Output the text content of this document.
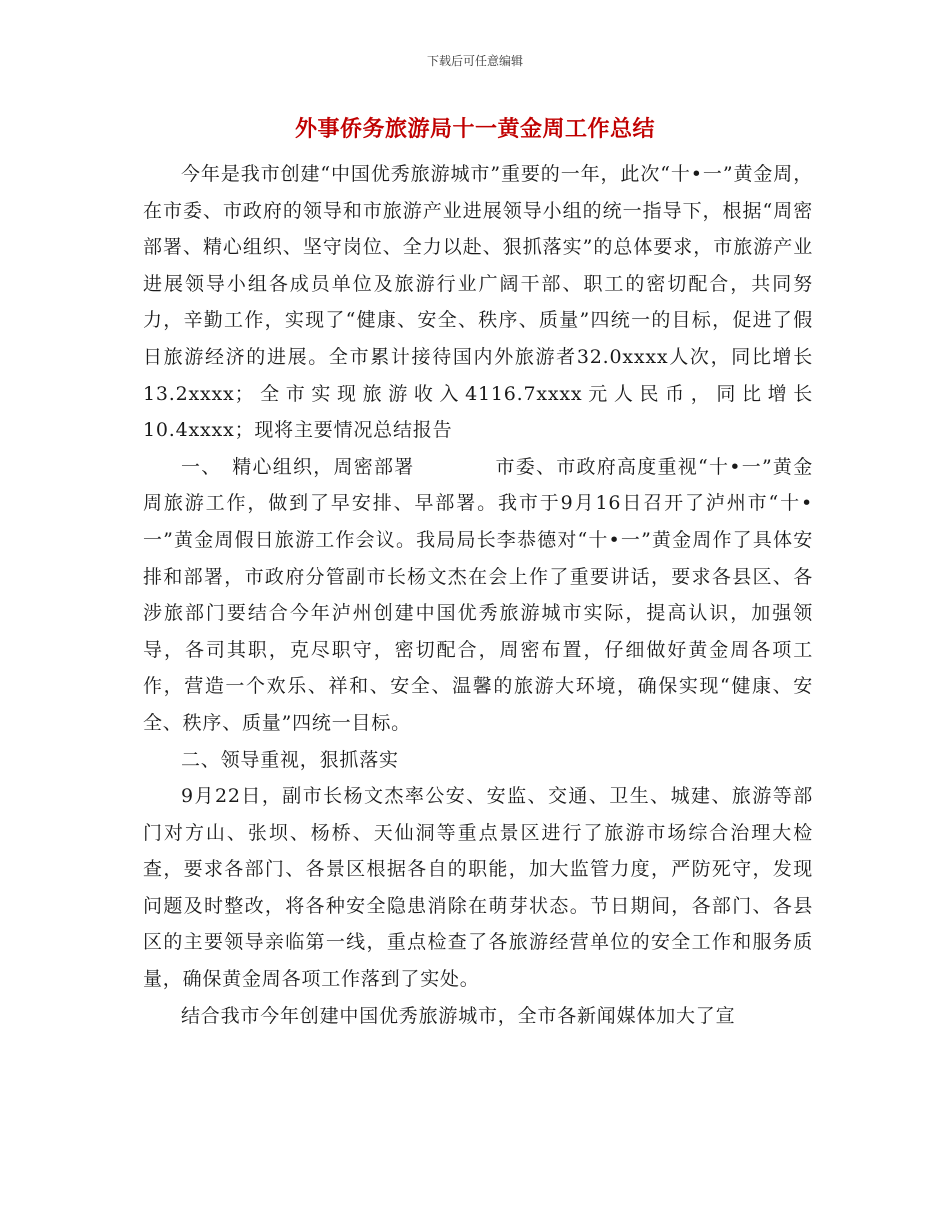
下载后可任意编辑
外事侨务旅游局十一黄金周工作总结

今年是我市创建“中国优秀旅游城市”重要的一年，此次“十•一”黄金周，在市委、市政府的领导和市旅游产业进展领导小组的统一指导下，根据“周密部署、精心组织、坚守岗位、全力以赴、狠抓落实”的总体要求，市旅游产业进展领导小组各成员单位及旅游行业广阔干部、职工的密切配合，共同努力，辛勤工作，实现了“健康、安全、秩序、质量”四统一的目标，促进了假日旅游经济的进展。全市累计接待国内外旅游者32.0xxxx人次，同比增长　　13.2xxxx；全市实现旅游收入4116.7xxxx元人民币，同比增长10.4xxxx；现将主要情况总结报告

一、　精心组织，周密部署　　　　市委、市政府高度重视“十•一”黄金周旅游工作，做到了早安排、早部署。我市于9月16日召开了泸州市“十•一”黄金周假日旅游工作会议。我局局长李恭德对“十•一”黄金周作了具体安排和部署，市政府分管副市长杨文杰在会上作了重要讲话，要求各县区、各涉旅部门要结合今年泸州创建中国优秀旅游城市实际，提高认识，加强领导，各司其职，克尽职守，密切配合，周密布置，仔细做好黄金周各项工作，营造一个欢乐、祥和、安全、温馨的旅游大环境，确保实现“健康、安全、秩序、质量”四统一目标。

二、领导重视，狠抓落实

9月22日，副市长杨文杰率公安、安监、交通、卫生、城建、旅游等部门对方山、张坝、杨桥、天仙洞等重点景区进行了旅游市场综合治理大检查，要求各部门、各景区根据各自的职能，加大监管力度，严防死守，发现问题及时整改，将各种安全隐患消除在萌芽状态。节日期间，各部门、各县区的主要领导亲临第一线，重点检查了各旅游经营单位的安全工作和服务质量，确保黄金周各项工作落到了实处。

结合我市今年创建中国优秀旅游城市，全市各新闻媒体加大了宣
